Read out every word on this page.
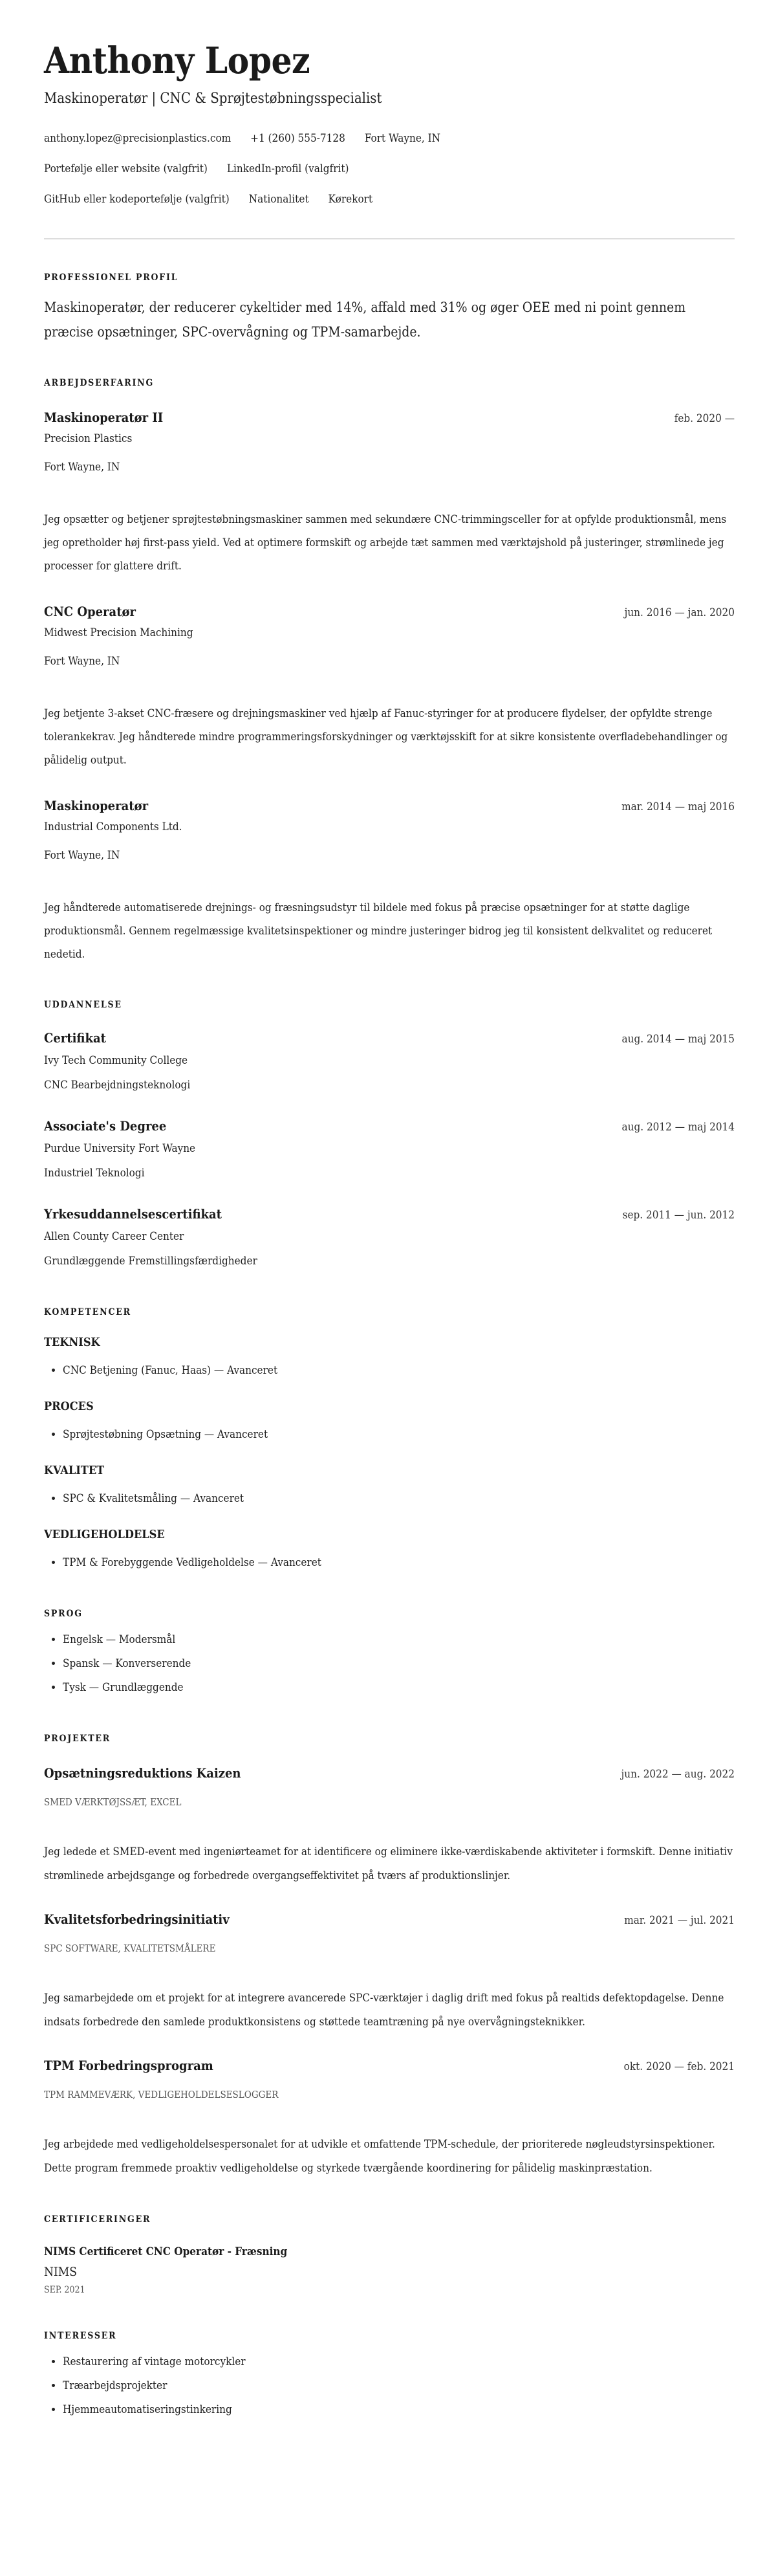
Anthony Lopez
Maskinoperatør | CNC & Sprøjtestøbningsspecialist
anthony.lopez@precisionplastics.com +1 (260) 555-7128 Fort Wayne, IN
Portefølje eller website (valgfrit) LinkedIn-profil (valgfrit)
GitHub eller kodeportefølje (valgfrit) Nationalitet Kørekort
PROFESSIONEL PROFIL
Maskinoperatør, der reducerer cykeltider med 14%, affald med 31% og øger OEE med ni point gennem præcise opsætninger, SPC-overvågning og TPM-samarbejde.
ARBEJDSERFARING
Maskinoperatør II	feb. 2020 —
Precision Plastics
Fort Wayne, IN
Jeg opsætter og betjener sprøjtestøbningsmaskiner sammen med sekundære CNC-trimmingsceller for at opfylde produktionsmål, mens jeg opretholder høj first-pass yield. Ved at optimere formskift og arbejde tæt sammen med værktøjshold på justeringer, strømlinede jeg processer for glattere drift.
CNC Operatør	jun. 2016 — jan. 2020
Midwest Precision Machining
Fort Wayne, IN
Jeg betjente 3-akset CNC-fræsere og drejningsmaskiner ved hjælp af Fanuc-styringer for at producere flydelser, der opfyldte strenge tolerankekrav. Jeg håndterede mindre programmeringsforskydninger og værktøjsskift for at sikre konsistente overfladebehandlinger og pålidelig output.
Maskinoperatør	mar. 2014 — maj 2016
Industrial Components Ltd.
Fort Wayne, IN
Jeg håndterede automatiserede drejnings- og fræsningsudstyr til bildele med fokus på præcise opsætninger for at støtte daglige produktionsmål. Gennem regelmæssige kvalitetsinspektioner og mindre justeringer bidrog jeg til konsistent delkvalitet og reduceret nedetid.
UDDANNELSE
Certifikat	aug. 2014 — maj 2015
Ivy Tech Community College
CNC Bearbejdningsteknologi
Associate's Degree	aug. 2012 — maj 2014
Purdue University Fort Wayne
Industriel Teknologi
Yrkesuddannelsescertifikat	sep. 2011 — jun. 2012
Allen County Career Center
Grundlæggende Fremstillingsfærdigheder
KOMPETENCER
TEKNISK
• CNC Betjening (Fanuc, Haas) — Avanceret
PROCES
• Sprøjtestøbning Opsætning — Avanceret
KVALITET
• SPC & Kvalitetsmåling — Avanceret
VEDLIGEHOLDELSE
• TPM & Forebyggende Vedligeholdelse — Avanceret
SPROG
• Engelsk — Modersmål
• Spansk — Konverserende
• Tysk — Grundlæggende
PROJEKTER
Opsætningsreduktions Kaizen	jun. 2022 — aug. 2022
SMED VÆRKTØJSSÆT, EXCEL
Jeg ledede et SMED-event med ingeniørteamet for at identificere og eliminere ikke-værdiskabende aktiviteter i formskift. Denne initiativ strømlinede arbejdsgange og forbedrede overgangseffektivitet på tværs af produktionslinjer.
Kvalitetsforbedringsinitiativ	mar. 2021 — jul. 2021
SPC SOFTWARE, KVALITETSMÅLERE
Jeg samarbejdede om et projekt for at integrere avancerede SPC-værktøjer i daglig drift med fokus på realtids defektopdagelse. Denne indsats forbedrede den samlede produktkonsistens og støttede teamtræning på nye overvågningsteknikker.
TPM Forbedringsprogram	okt. 2020 — feb. 2021
TPM RAMMEVÆRK, VEDLIGEHOLDELSESLOGGER
Jeg arbejdede med vedligeholdelsespersonalet for at udvikle et omfattende TPM-schedule, der prioriterede nøgleudstyrsinspektioner. Dette program fremmede proaktiv vedligeholdelse og styrkede tværgående koordinering for pålidelig maskinpræstation.
CERTIFICERINGER
NIMS Certificeret CNC Operatør - Fræsning
NIMS
SEP. 2021
INTERESSER
• Restaurering af vintage motorcykler
• Træarbejdsprojekter
• Hjemmeautomatiseringstinkering
